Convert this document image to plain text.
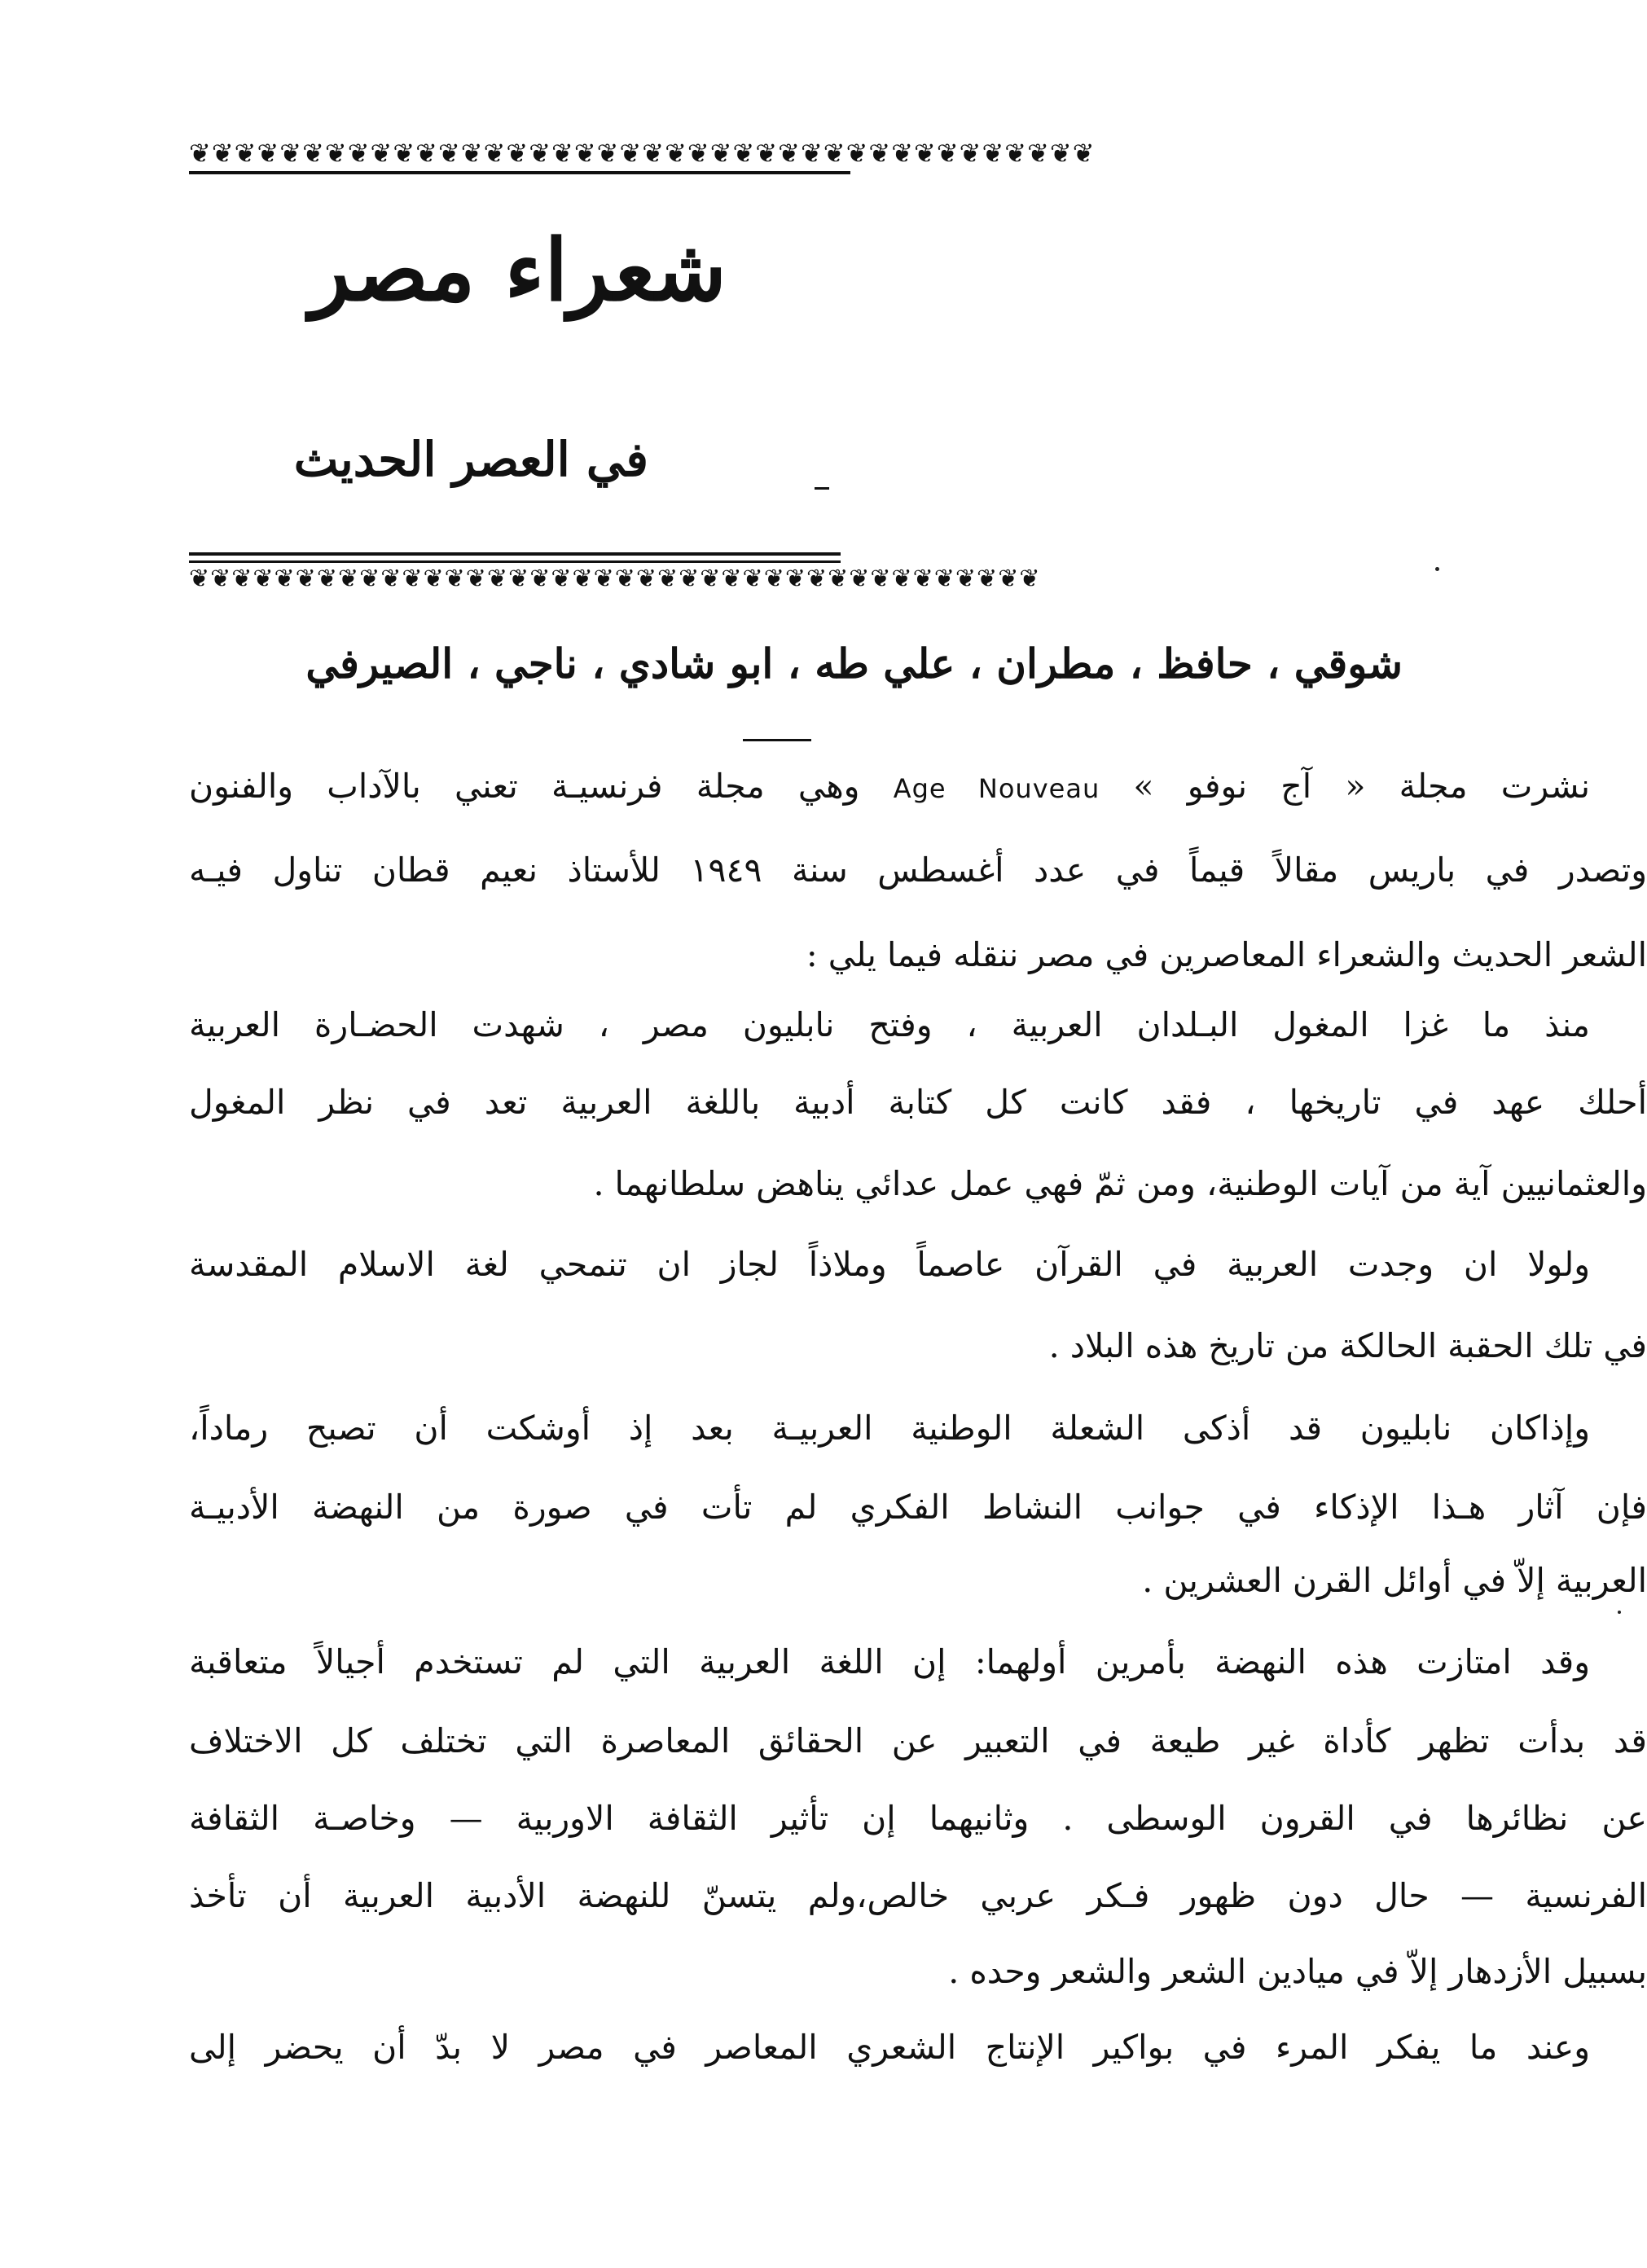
❦❦❦❦❦❦❦❦❦❦❦❦❦❦❦❦❦❦❦❦❦❦❦❦❦❦❦❦❦❦❦❦❦❦❦❦❦❦❦❦
شعراء مصر
في العصر الحديث
❦❦❦❦❦❦❦❦❦❦❦❦❦❦❦❦❦❦❦❦❦❦❦❦❦❦❦❦❦❦❦❦❦❦❦❦❦❦❦❦
شوقي ، حافظ ، مطران ، علي طه ، ابو شادي ، ناجي ، الصيرفي
نشرت مجلة « آج نوفو » Age Nouveau وهي مجلة فرنسيـة تعني بالآداب والفنون
وتصدر في باريس مقالاً قيماً في عدد أغسطس سنة ١٩٤٩ للأستاذ نعيم قطان تناول فيـه
الشعر الحديث والشعراء المعاصرين في مصر ننقله فيما يلي :
منذ ما غزا المغول البـلدان العربية ، وفتح نابليون مصر ، شهدت الحضـارة العربية
أحلك عهد في تاريخها ، فقد كانت كل كتابة أدبية باللغة العربية تعد في نظر المغول
والعثمانيين آية من آيات الوطنية، ومن ثمّ فهي عمل عدائي يناهض سلطانهما .
ولولا ان وجدت العربية في القرآن عاصماً وملاذاً لجاز ان تنمحي لغة الاسلام المقدسة
في تلك الحقبة الحالكة من تاريخ هذه البلاد .
وإذاكان نابليون قد أذكى الشعلة الوطنية العربيـة بعد إذ أوشكت أن تصبح رماداً،
فإن آثار هـذا الإذكاء في جوانب النشاط الفكري لم تأت في صورة من النهضة الأدبيـة
العربية إلاّ في أوائل القرن العشرين .
وقد امتازت هذه النهضة بأمرين أولهما: إن اللغة العربية التي لم تستخدم أجيالاً متعاقبة
قد بدأت تظهر كأداة غير طيعة في التعبير عن الحقائق المعاصرة التي تختلف كل الاختلاف
عن نظائرها في القرون الوسطى . وثانيهما إن تأثير الثقافة الاوربية — وخاصـة الثقافة
الفرنسية — حال دون ظهور فـكر عربي خالص،ولم يتسنّ للنهضة الأدبية العربية أن تأخذ
بسبيل الأزدهار إلاّ في ميادين الشعر والشعر وحده .
وعند ما يفكر المرء في بواكير الإنتاج الشعري المعاصر في مصر لا بدّ أن يحضر إلى
